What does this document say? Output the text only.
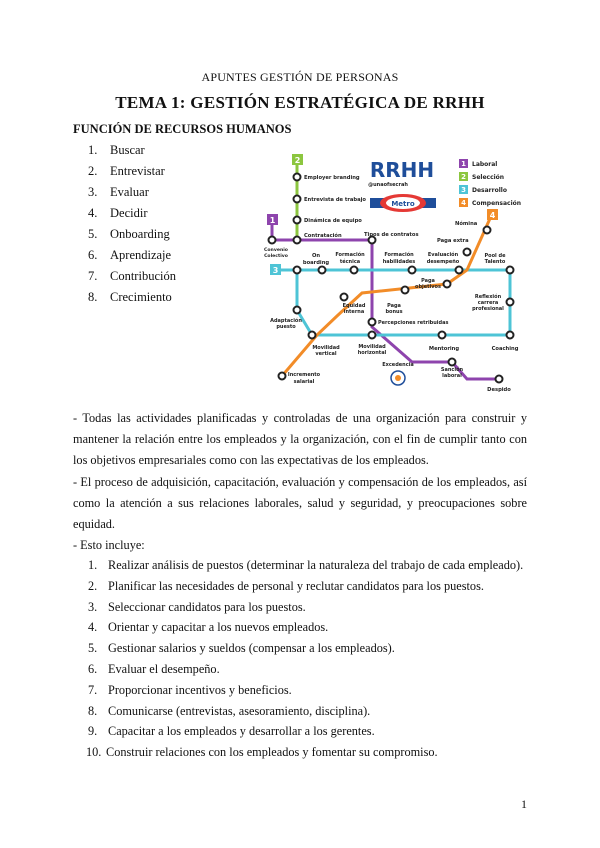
APUNTES GESTIÓN DE PERSONAS
TEMA 1: GESTIÓN ESTRATÉGICA DE RRHH
FUNCIÓN DE RECURSOS HUMANOS
1.	Buscar
2.	Entrevistar
3.	Evaluar
4.	Decidir
5.	Onboarding
6.	Aprendizaje
7.	Contribución
8.	Crecimiento
2
1
3
4
RRHH
@unaofsecrah
Metro
1 Laboral
2 Selección
3 Desarrollo
4 Compensación
Employer branding
Entrevista de trabajo
Dinámica de equipo
Contratación	Tipos de contratos
Convenio
Colectivo	On
boarding
Formación
técnica
Formación
habilidades
Evaluación
desempeño
Pool de
Talento
Nómina
Paga extra
Paga
objetivos
Equidad
interna
Paga
bonus
Reflexión
carrera
profesional
Percepciones retribuidas
Adaptación
puesto
Movilidad
vertical
Movilidad
horizontal
Mentoring	Coaching
Excedencia
Sanción
laboral
Incremento
salarial
Despido

- Todas las actividades planificadas y controladas de una organización para construir y mantener la relación entre los empleados y la organización, con el fin de cumplir tanto con los objetivos empresariales como con las expectativas de los empleados.

- El proceso de adquisición, capacitación, evaluación y compensación de los empleados, así como la atención a sus relaciones laborales, salud y seguridad, y preocupaciones sobre equidad.

- Esto incluye:

1. Realizar análisis de puestos (determinar la naturaleza del trabajo de cada empleado).
2. Planificar las necesidades de personal y reclutar candidatos para los puestos.
3. Seleccionar candidatos para los puestos.
4. Orientar y capacitar a los nuevos empleados.
5. Gestionar salarios y sueldos (compensar a los empleados).
6. Evaluar el desempeño.
7. Proporcionar incentivos y beneficios.
8. Comunicarse (entrevistas, asesoramiento, disciplina).
9. Capacitar a los empleados y desarrollar a los gerentes.
10. Construir relaciones con los empleados y fomentar su compromiso.
1
